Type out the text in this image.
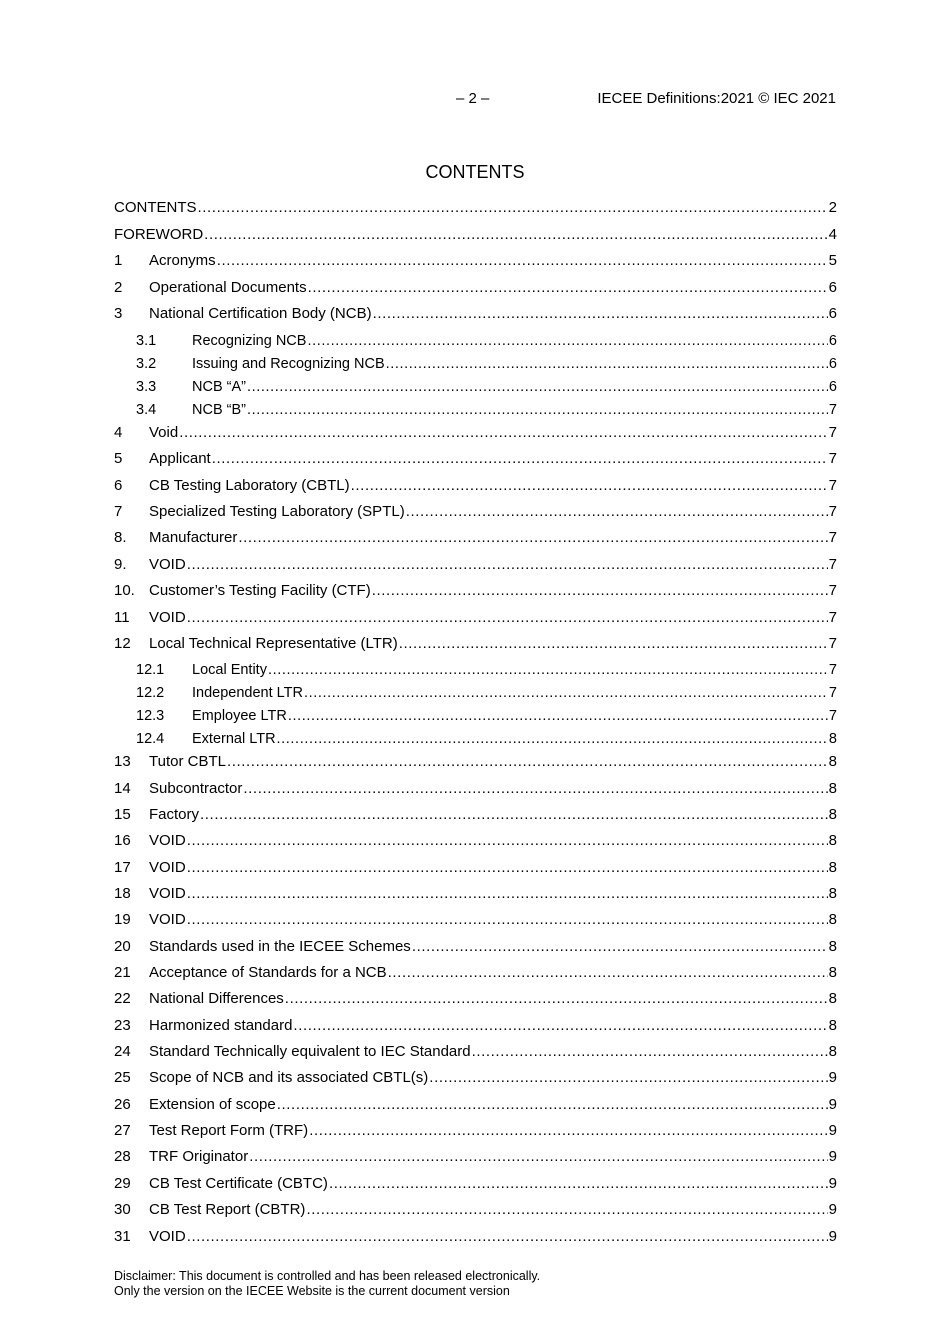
– 2 –	IECEE Definitions:2021 © IEC 2021
CONTENTS
CONTENTS .....	2
FOREWORD .....	4
1	Acronyms .....	5
2	Operational Documents .....	6
3	National Certification Body (NCB) .....	6
3.1	Recognizing NCB .....	6
3.2	Issuing and Recognizing NCB .....	6
3.3	NCB “A” .....	6
3.4	NCB “B” .....	7
4	Void .....	7
5	Applicant .....	7
6	CB Testing Laboratory (CBTL) .....	7
7	Specialized Testing Laboratory (SPTL) .....	7
8.	Manufacturer .....	7
9.	VOID .....	7
10. Customer’s Testing Facility (CTF) .....	7
11	VOID .....	7
12	Local Technical Representative (LTR) .....	7
12.1	Local Entity .....	7
12.2	Independent LTR .....	7
12.3	Employee LTR .....	7
12.4	External LTR .....	8
13	Tutor CBTL .....	8
14	Subcontractor .....	8
15	Factory .....	8
16	VOID .....	8
17	VOID .....	8
18	VOID .....	8
19	VOID .....	8
20	Standards used in the IECEE Schemes .....	8
21	Acceptance of Standards for a NCB .....	8
22	National Differences .....	8
23	Harmonized standard .....	8
24	Standard Technically equivalent to IEC Standard .....	8
25	Scope of NCB and its associated CBTL(s) .....	9
26	Extension of scope .....	9
27	Test Report Form (TRF) .....	9
28	TRF Originator .....	9
29	CB Test Certificate (CBTC) .....	9
30	CB Test Report (CBTR) .....	9
31	VOID .....	9
Disclaimer: This document is controlled and has been released electronically.
Only the version on the IECEE Website is the current document version
